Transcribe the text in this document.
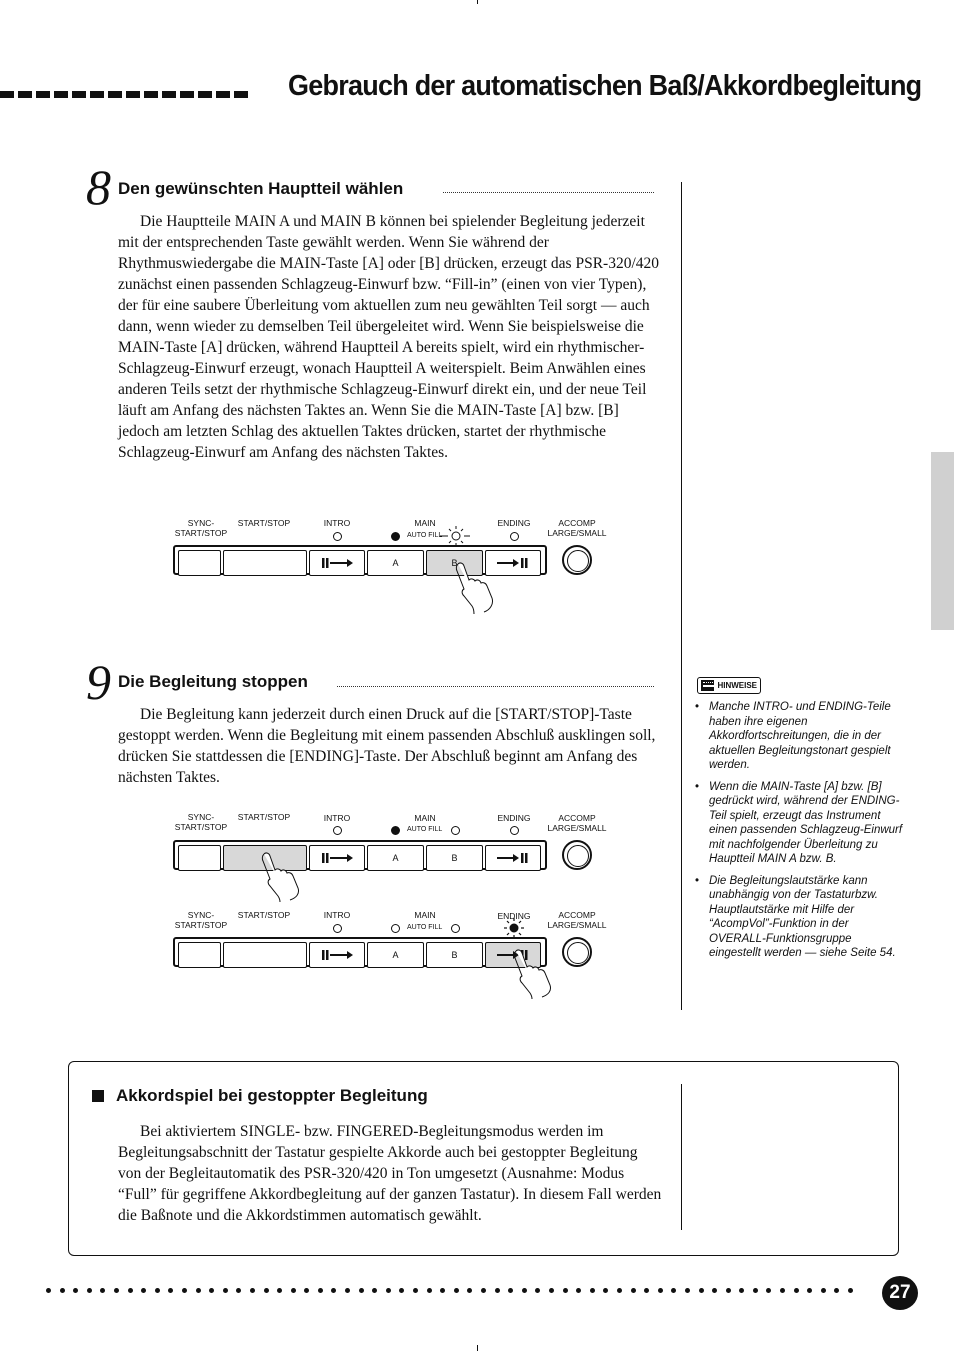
Gebrauch der automatischen Baß/Akkordbegleitung
8 Den gewünschten Hauptteil wählen

Die Hauptteile MAIN A und MAIN B können bei spielender Begleitung jederzeit mit der entsprechenden Taste gewählt werden. Wenn Sie während der Rhythmuswiedergabe die MAIN-Taste [A] oder [B] drücken, erzeugt das PSR-320/420 zunächst einen passenden Schlagzeug-Einwurf bzw. “Fill-in” (einen von vier Typen), der für eine saubere Überleitung vom aktuellen zum neu gewählten Teil sorgt — auch dann, wenn wieder zu demselben Teil übergeleitet wird. Wenn Sie beispielsweise die MAIN-Taste [A] drücken, während Hauptteil A bereits spielt, wird ein rhythmischer-Schlagzeug-Einwurf erzeugt, wonach Hauptteil A weiterspielt. Beim Anwählen eines anderen Teils setzt der rhythmische Schlagzeug-Einwurf direkt ein, und der neue Teil läuft am Anfang des nächsten Taktes an. Wenn Sie die MAIN-Taste [A] bzw. [B] jedoch am letzten Schlag des aktuellen Taktes drücken, startet der rhythmische Schlagzeug-Einwurf am Anfang des nächsten Taktes.

SYNC-
START/STOP
START/STOP	INTRO	MAIN	ENDING	ACCOMP
LARGE/SMALL
AUTO FILL
A	B
9 Die Begleitung stoppen

Die Begleitung kann jederzeit durch einen Druck auf die [START/STOP]-Taste gestoppt werden. Wenn die Begleitung mit einem passenden Abschluß ausklingen soll, drücken Sie stattdessen die [ENDING]-Taste. Der Abschluß beginnt am Anfang des nächsten Taktes.

SYNC-
START/STOP
START/STOP	INTRO	MAIN	ENDING	ACCOMP
LARGE/SMALL
AUTO FILL
A	B
SYNC-
START/STOP
START/STOP	INTRO	MAIN	ENDING	ACCOMP
LARGE/SMALL
AUTO FILL
A	B
HINWEISE
• Manche INTRO- und ENDING-Teile haben ihre eigenen Akkordfortschreitungen, die in der aktuellen Begleitungstonart gespielt werden.
• Wenn die MAIN-Taste [A] bzw. [B] gedrückt wird, während der ENDING-Teil spielt, erzeugt das Instrument einen passenden Schlagzeug-Einwurf mit nachfolgender Überleitung zu Hauptteil MAIN A bzw. B.
• Die Begleitungslautstärke kann unabhängig von der Tastaturbzw. Hauptlautstärke mit Hilfe der “AcompVol”-Funktion in der OVERALL-Funktionsgruppe eingestellt werden — siehe Seite 54.
Akkordspiel bei gestoppter Begleitung

Bei aktiviertem SINGLE- bzw. FINGERED-Begleitungsmodus werden im Begleitungsabschnitt der Tastatur gespielte Akkorde auch bei gestoppter Begleitung von der Begleitautomatik des PSR-320/420 in Ton umgesetzt (Ausnahme: Modus “Full” für gegriffene Akkordbegleitung auf der ganzen Tastatur). In diesem Fall werden die Baßnote und die Akkordstimmen automatisch gewählt.

27
